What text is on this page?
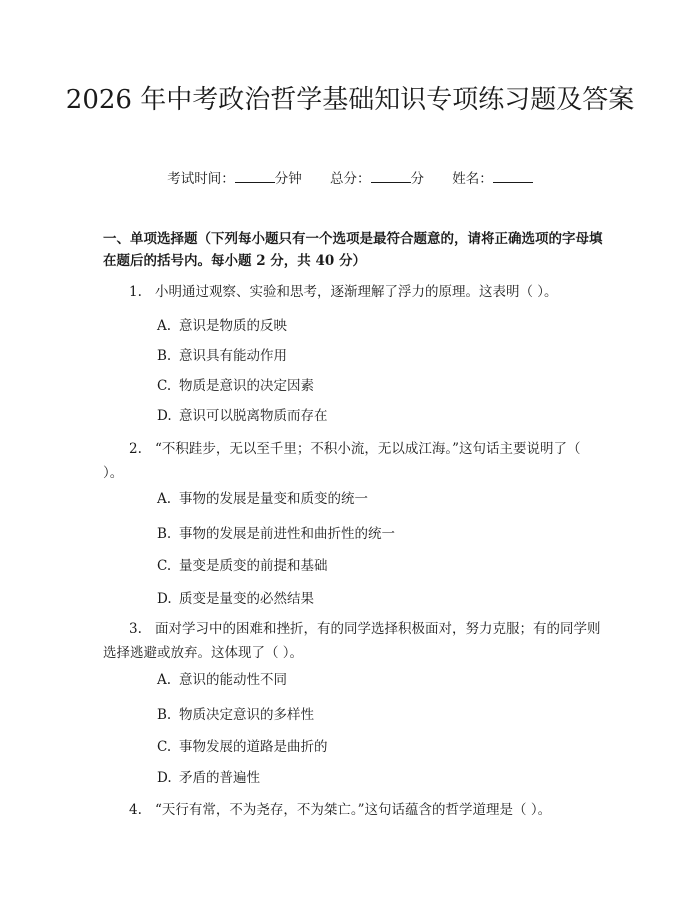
2026 年中考政治哲学基础知识专项练习题及答案
考试时间：	分钟 总分：	分 姓名：
一、单项选择题（下列每小题只有一个选项是最符合题意的，请将正确选项的字母填在题后的括号内。每小题 2 分，共 40 分）
1. 小明通过观察、实验和思考，逐渐理解了浮力的原理。这表明（ ）。
A. 意识是物质的反映
B. 意识具有能动作用
C. 物质是意识的决定因素
D. 意识可以脱离物质而存在
2. “不积跬步，无以至千里；不积小流，无以成江海。”这句话主要说明了（ ）。
A. 事物的发展是量变和质变的统一
B. 事物的发展是前进性和曲折性的统一
C. 量变是质变的前提和基础
D. 质变是量变的必然结果
3. 面对学习中的困难和挫折，有的同学选择积极面对，努力克服；有的同学则选择逃避或放弃。这体现了（ ）。
A. 意识的能动性不同
B. 物质决定意识的多样性
C. 事物发展的道路是曲折的
D. 矛盾的普遍性
4. “天行有常，不为尧存，不为桀亡。”这句话蕴含的哲学道理是（ ）。
